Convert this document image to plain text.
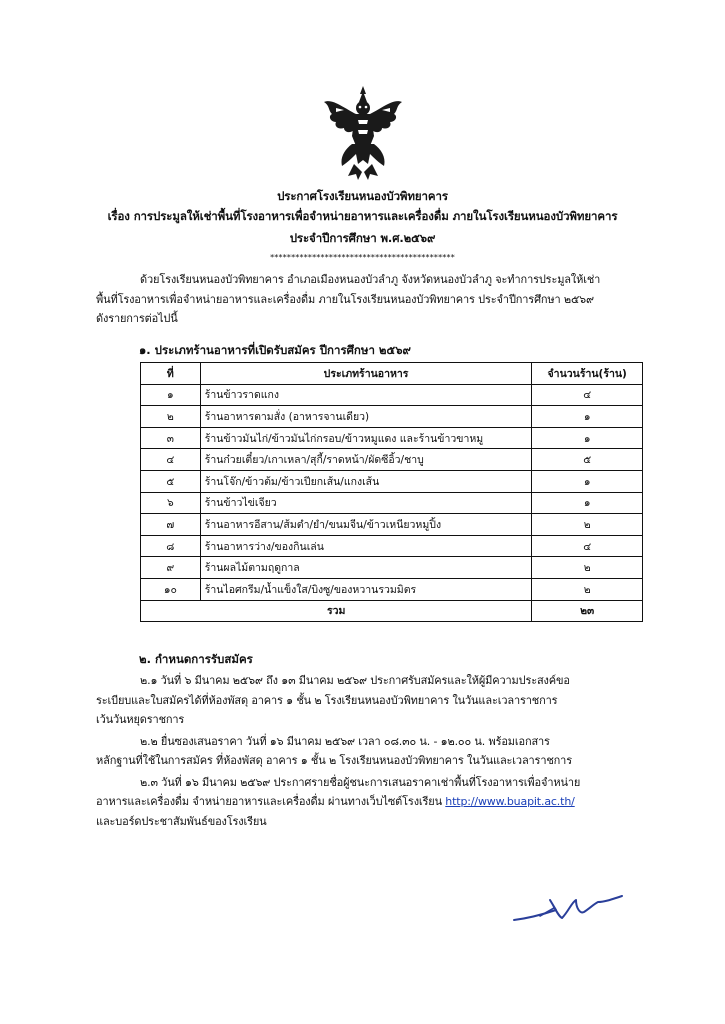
ประกาศโรงเรียนหนองบัวพิทยาคาร
เรื่อง การประมูลให้เช่าพื้นที่โรงอาหารเพื่อจำหน่ายอาหารและเครื่องดื่ม ภายในโรงเรียนหนองบัวพิทยาคาร
ประจำปีการศึกษา พ.ศ.๒๕๖๙
********************************************

ด้วยโรงเรียนหนองบัวพิทยาคาร อำเภอเมืองหนองบัวลำภู จังหวัดหนองบัวลำภู จะทำการประมูลให้เช่า

พื้นที่โรงอาหารเพื่อจำหน่ายอาหารและเครื่องดื่ม ภายในโรงเรียนหนองบัวพิทยาคาร ประจำปีการศึกษา ๒๕๖๙

ดังรายการต่อไปนี้

๑. ประเภทร้านอาหารที่เปิดรับสมัคร ปีการศึกษา ๒๕๖๙
ที่	ประเภทร้านอาหาร	จำนวนร้าน(ร้าน)
๑	ร้านข้าวราดแกง	๔
๒	ร้านอาหารตามสั่ง (อาหารจานเดียว)	๑
๓	ร้านข้าวมันไก่/ข้าวมันไก่กรอบ/ข้าวหมูแดง และร้านข้าวขาหมู	๑
๔	ร้านก๋วยเตี๋ยว/เกาเหลา/สุกี้/ราดหน้า/ผัดซีอิ้ว/ชาบู	๕
๕	ร้านโจ๊ก/ข้าวต้ม/ข้าวเปียกเส้น/แกงเส้น	๑
๖	ร้านข้าวไข่เจียว	๑
๗	ร้านอาหารอีสาน/ส้มตำ/ยำ/ขนมจีน/ข้าวเหนียวหมูปิ้ง	๒
๘	ร้านอาหารว่าง/ของกินเล่น	๔
๙	ร้านผลไม้ตามฤดูกาล	๒
๑๐	ร้านไอศกรีม/น้ำแข็งใส/บิงซู/ของหวานรวมมิตร	๒
รวม		๒๓
๒. กำหนดการรับสมัคร

๒.๑ วันที่ ๖ มีนาคม ๒๕๖๙ ถึง ๑๓ มีนาคม ๒๕๖๙ ประกาศรับสมัครและให้ผู้มีความประสงค์ขอ

ระเบียบและใบสมัครได้ที่ห้องพัสดุ อาคาร ๑ ชั้น ๒ โรงเรียนหนองบัวพิทยาคาร ในวันและเวลาราชการ

เว้นวันหยุดราชการ

๒.๒ ยื่นซองเสนอราคา วันที่ ๑๖ มีนาคม ๒๕๖๙ เวลา ๐๘.๓๐ น. - ๑๒.๐๐ น. พร้อมเอกสาร

หลักฐานที่ใช้ในการสมัคร ที่ห้องพัสดุ อาคาร ๑ ชั้น ๒ โรงเรียนหนองบัวพิทยาคาร ในวันและเวลาราชการ

๒.๓ วันที่ ๑๖ มีนาคม ๒๕๖๙ ประกาศรายชื่อผู้ชนะการเสนอราคาเช่าพื้นที่โรงอาหารเพื่อจำหน่าย

อาหารและเครื่องดื่ม จำหน่ายอาหารและเครื่องดื่ม ผ่านทางเว็บไซต์โรงเรียน http://www.buapit.ac.th/

และบอร์ดประชาสัมพันธ์ของโรงเรียน
